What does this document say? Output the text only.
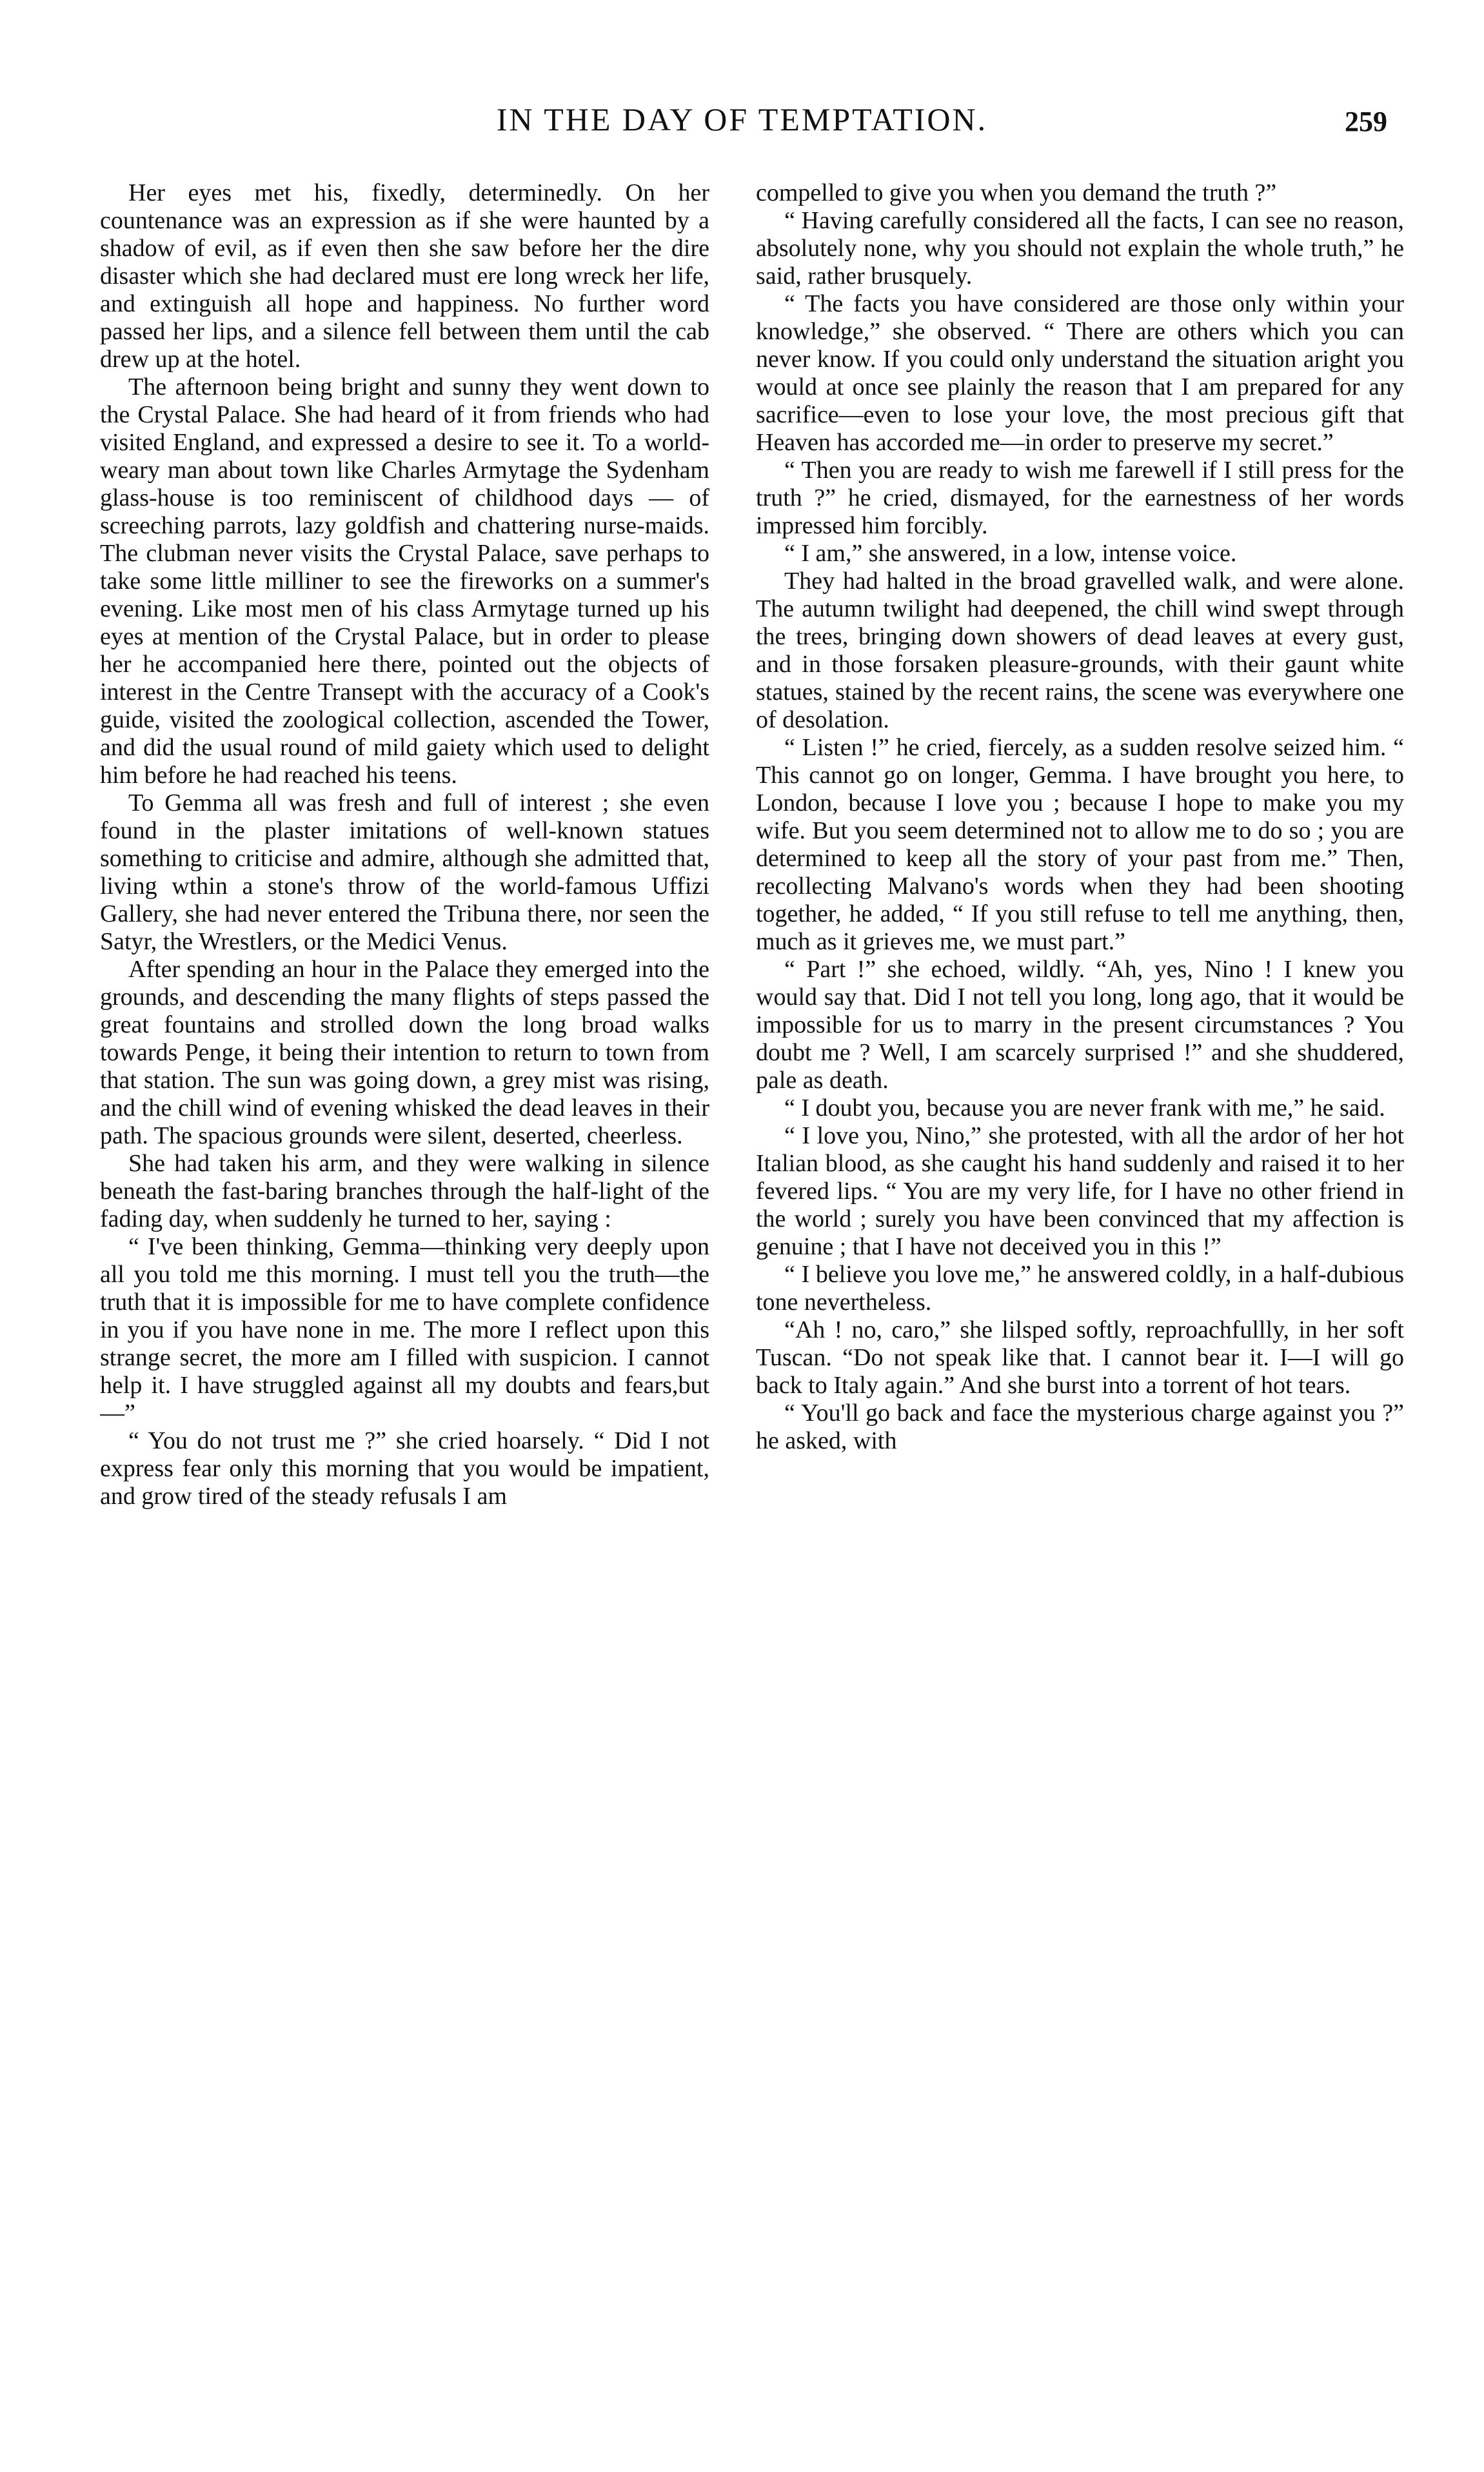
IN THE DAY OF TEMPTATION.	259

Her eyes met his, fixedly, determinedly. On her countenance was an expression as if she were haunted by a shadow of evil, as if even then she saw before her the dire disaster which she had declared must ere long wreck her life, and extinguish all hope and happiness. No further word passed her lips, and a silence fell between them until the cab drew up at the hotel.

The afternoon being bright and sunny they went down to the Crystal Palace. She had heard of it from friends who had visited England, and expressed a desire to see it. To a world-weary man about town like Charles Armytage the Sydenham glass-house is too reminiscent of childhood days — of screeching parrots, lazy goldfish and chattering nurse-maids. The clubman never visits the Crystal Palace, save perhaps to take some little milliner to see the fireworks on a summer's evening. Like most men of his class Armytage turned up his eyes at mention of the Crystal Palace, but in order to please her he accompanied here there, pointed out the objects of interest in the Centre Transept with the accuracy of a Cook's guide, visited the zoological collection, ascended the Tower, and did the usual round of mild gaiety which used to delight him before he had reached his teens.

To Gemma all was fresh and full of interest ; she even found in the plaster imitations of well-known statues something to criticise and admire, although she admitted that, living wthin a stone's throw of the world-famous Uffizi Gallery, she had never entered the Tribuna there, nor seen the Satyr, the Wrestlers, or the Medici Venus.

After spending an hour in the Palace they emerged into the grounds, and descending the many flights of steps passed the great fountains and strolled down the long broad walks towards Penge, it being their intention to return to town from that station. The sun was going down, a grey mist was rising, and the chill wind of evening whisked the dead leaves in their path. The spacious grounds were silent, deserted, cheerless.

She had taken his arm, and they were walking in silence beneath the fast-baring branches through the half-light of the fading day, when suddenly he turned to her, saying :

“ I've been thinking, Gemma—thinking very deeply upon all you told me this morning. I must tell you the truth—the truth that it is impossible for me to have complete confidence in you if you have none in me. The more I reflect upon this strange secret, the more am I filled with suspicion. I cannot help it. I have struggled against all my doubts and fears,but—”

“ You do not trust me ?” she cried hoarsely. “ Did I not express fear only this morning that you would be impatient, and grow tired of the steady refusals I am

compelled to give you when you demand the truth ?”

“ Having carefully considered all the facts, I can see no reason, absolutely none, why you should not explain the whole truth,” he said, rather brusquely.

“ The facts you have considered are those only within your knowledge,” she observed. “ There are others which you can never know. If you could only understand the situation aright you would at once see plainly the reason that I am prepared for any sacrifice—even to lose your love, the most precious gift that Heaven has accorded me—in order to preserve my secret.”

“ Then you are ready to wish me farewell if I still press for the truth ?” he cried, dismayed, for the earnestness of her words impressed him forcibly.

“ I am,” she answered, in a low, intense voice.

They had halted in the broad gravelled walk, and were alone. The autumn twilight had deepened, the chill wind swept through the trees, bringing down showers of dead leaves at every gust, and in those forsaken pleasure-grounds, with their gaunt white statues, stained by the recent rains, the scene was everywhere one of desolation.

“ Listen !” he cried, fiercely, as a sudden resolve seized him. “ This cannot go on longer, Gemma. I have brought you here, to London, because I love you ; because I hope to make you my wife. But you seem determined not to allow me to do so ; you are determined to keep all the story of your past from me.” Then, recollecting Malvano's words when they had been shooting together, he added, “ If you still refuse to tell me anything, then, much as it grieves me, we must part.”

“ Part !” she echoed, wildly. “Ah, yes, Nino ! I knew you would say that. Did I not tell you long, long ago, that it would be impossible for us to marry in the present circumstances ? You doubt me ? Well, I am scarcely surprised !” and she shuddered, pale as death.

“ I doubt you, because you are never frank with me,” he said.

“ I love you, Nino,” she protested, with all the ardor of her hot Italian blood, as she caught his hand suddenly and raised it to her fevered lips. “ You are my very life, for I have no other friend in the world ; surely you have been convinced that my affection is genuine ; that I have not deceived you in this !”

“ I believe you love me,” he answered coldly, in a half-dubious tone nevertheless.

“Ah ! no, caro,” she lilsped softly, reproachfullly, in her soft Tuscan. “Do not speak like that. I cannot bear it. I—I will go back to Italy again.” And she burst into a torrent of hot tears.

“ You'll go back and face the mysterious charge against you ?” he asked, with
